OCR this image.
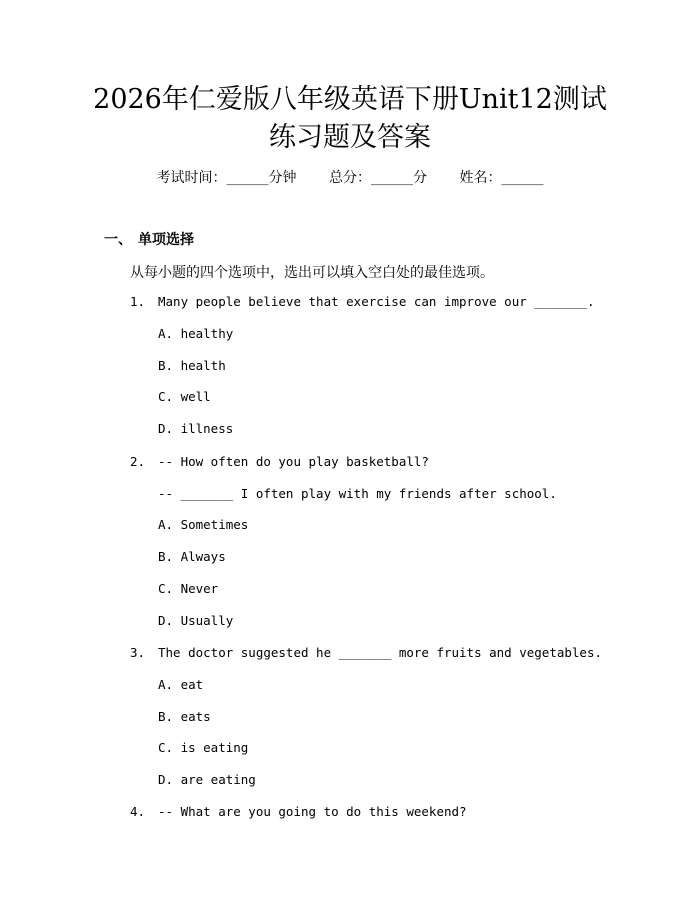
2026年仁爱版八年级英语下册Unit12测试
练习题及答案
考试时间：______分钟 总分：______分 姓名：______
一、 单项选择
从每小题的四个选项中，选出可以填入空白处的最佳选项。
1. Many people believe that exercise can improve our _______.
A. healthy
B. health
C. well
D. illness
2. -- How often do you play basketball?
-- _______ I often play with my friends after school.
A. Sometimes
B. Always
C. Never
D. Usually
3. The doctor suggested he _______ more fruits and vegetables.
A. eat
B. eats
C. is eating
D. are eating
4. -- What are you going to do this weekend?
